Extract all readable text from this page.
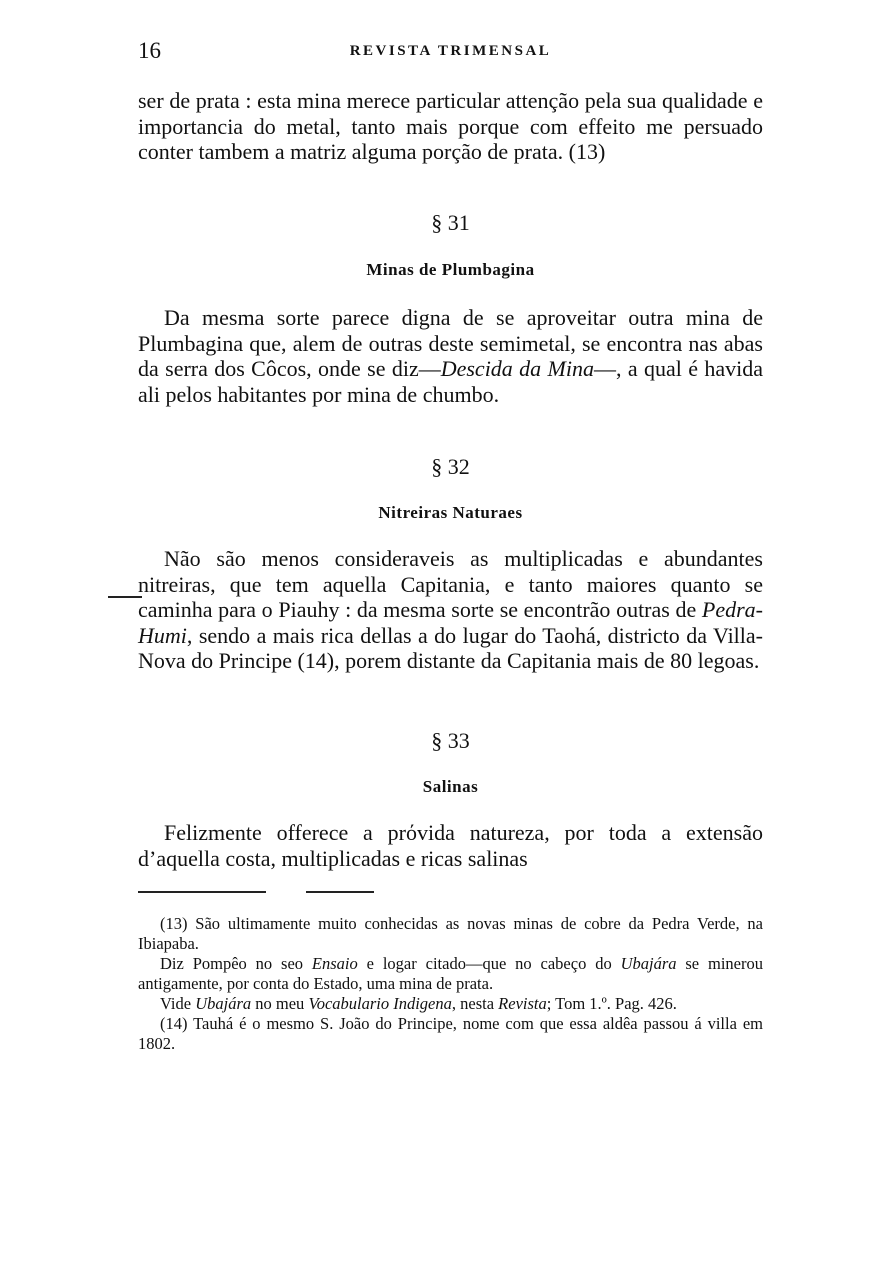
16	REVISTA TRIMENSAL

ser de prata : esta mina merece particular attenção pela sua qualidade e importancia do metal, tanto mais porque com effeito me persuado conter tambem a matriz alguma porção de prata. (13)

§ 31
Minas de Plumbagina

Da mesma sorte parece digna de se aproveitar outra mina de Plumbagina que, alem de outras deste semimetal, se encontra nas abas da serra dos Côcos, onde se diz—Descida da Mina—, a qual é havida ali pelos habitantes por mina de chumbo.

§ 32
Nitreiras Naturaes

Não são menos consideraveis as multiplicadas e abundantes nitreiras, que tem aquella Capitania, e tanto maiores quanto se caminha para o Piauhy : da mesma sorte se encontrão outras de Pedra-Humi, sendo a mais rica dellas a do lugar do Taohá, districto da Villa-Nova do Principe (14), porem distante da Capitania mais de 80 legoas.

§ 33
Salinas

Felizmente offerece a prόvida natureza, por toda a extensão d’aquella costa, multiplicadas e ricas salinas

(13) São ultimamente muito conhecidas as novas minas de cobre da Pedra Verde, na Ibiapaba.

Diz Pompêo no seo Ensaio e logar citado—que no cabeço do Ubajára se minerou antigamente, por conta do Estado, uma mina de prata.

Vide Ubajára no meu Vocabulario Indigena, nesta Revista; Tom 1.º. Pag. 426.

(14) Tauhá é o mesmo S. João do Principe, nome com que essa aldêa passou á villa em 1802.
